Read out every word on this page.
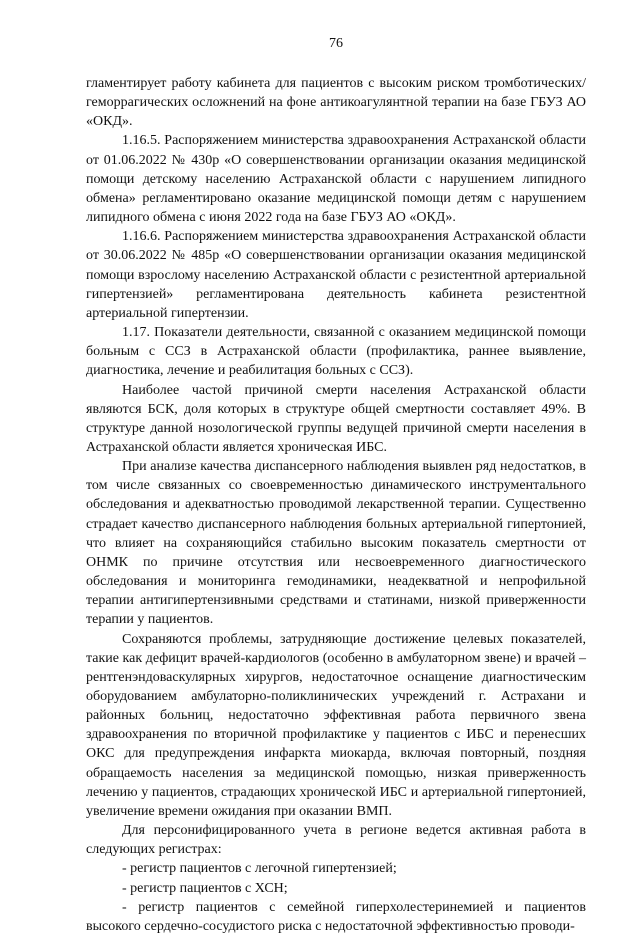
76

гламентирует работу кабинета для пациентов с высоким риском тромботических/геморрагических осложнений на фоне антикоагулянтной терапии на базе ГБУЗ АО «ОКД».

1.16.5. Распоряжением министерства здравоохранения Астраханской области от 01.06.2022 № 430р «О совершенствовании организации оказания медицинской помощи детскому населению Астраханской области с нарушением липидного обмена» регламентировано оказание медицинской помощи детям с нарушением липидного обмена с июня 2022 года на базе ГБУЗ АО «ОКД».

1.16.6. Распоряжением министерства здравоохранения Астраханской области от 30.06.2022 № 485р «О совершенствовании организации оказания медицинской помощи взрослому населению Астраханской области с резистентной артериальной гипертензией» регламентирована деятельность кабинета резистентной артериальной гипертензии.

1.17. Показатели деятельности, связанной с оказанием медицинской помощи больным с ССЗ в Астраханской области (профилактика, раннее выявление, диагностика, лечение и реабилитация больных с ССЗ).

Наиболее частой причиной смерти населения Астраханской области являются БСК, доля которых в структуре общей смертности составляет 49%. В структуре данной нозологической группы ведущей причиной смерти населения в Астраханской области является хроническая ИБС.

При анализе качества диспансерного наблюдения выявлен ряд недостатков, в том числе связанных со своевременностью динамического инструментального обследования и адекватностью проводимой лекарственной терапии. Существенно страдает качество диспансерного наблюдения больных артериальной гипертонией, что влияет на сохраняющийся стабильно высоким показатель смертности от ОНМК по причине отсутствия или несвоевременного диагностического обследования и мониторинга гемодинамики, неадекватной и непрофильной терапии антигипертензивными средствами и статинами, низкой приверженности терапии у пациентов.

Сохраняются проблемы, затрудняющие достижение целевых показателей, такие как дефицит врачей-кардиологов (особенно в амбулаторном звене) и врачей – рентгенэндоваскулярных хирургов, недостаточное оснащение диагностическим оборудованием амбулаторно-поликлинических учреждений г. Астрахани и районных больниц, недостаточно эффективная работа первичного звена здравоохранения по вторичной профилактике у пациентов с ИБС и перенесших ОКС для предупреждения инфаркта миокарда, включая повторный, поздняя обращаемость населения за медицинской помощью, низкая приверженность лечению у пациентов, страдающих хронической ИБС и артериальной гипертонией, увеличение времени ожидания при оказании ВМП.

Для персонифицированного учета в регионе ведется активная работа в следующих регистрах:

- регистр пациентов с легочной гипертензией;

- регистр пациентов с ХСН;

- регистр пациентов с семейной гиперхолестеринемией и пациентов высокого сердечно-сосудистого риска с недостаточной эффективностью проводи-
